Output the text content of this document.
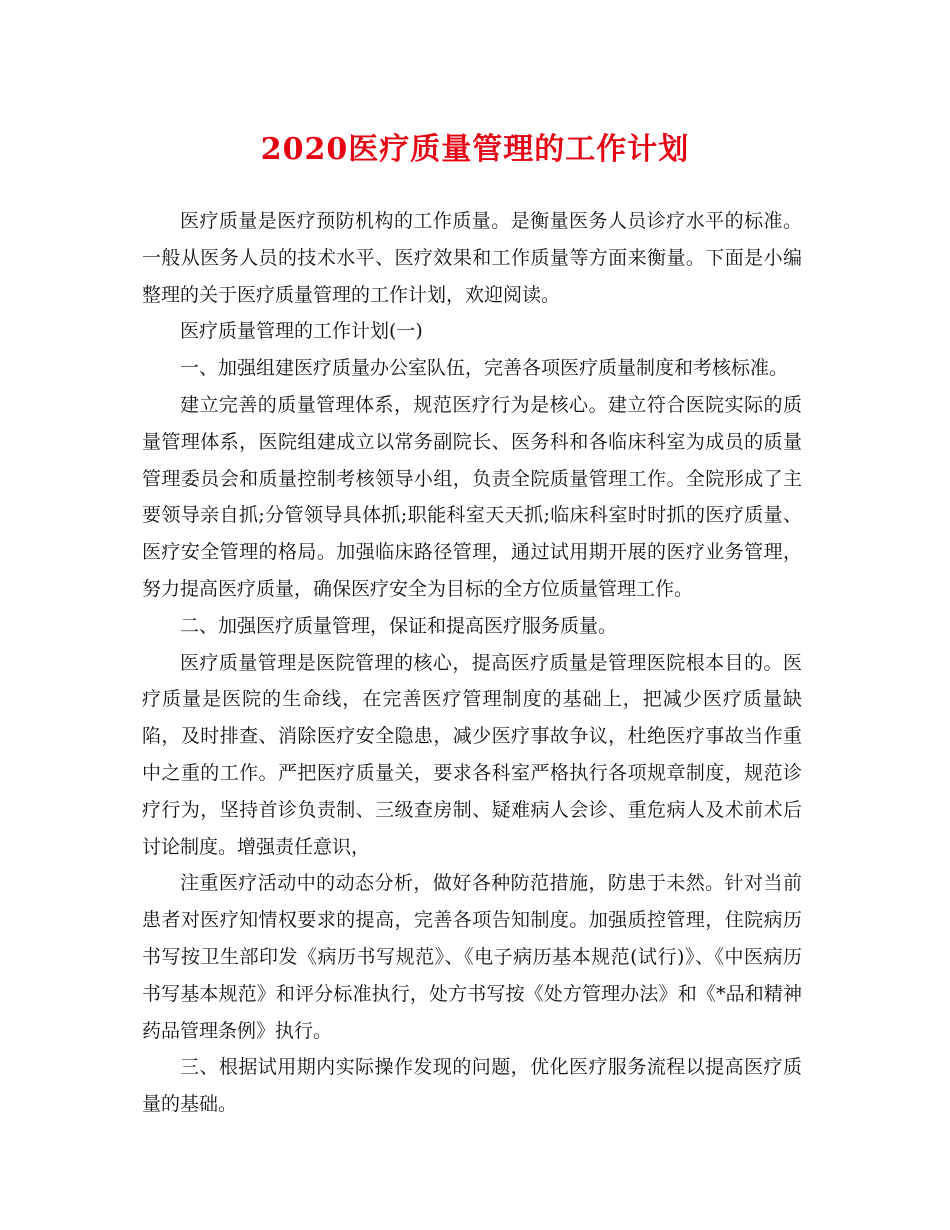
2020医疗质量管理的工作计划

医疗质量是医疗预防机构的工作质量。是衡量医务人员诊疗水平的标准。一般从医务人员的技术水平、医疗效果和工作质量等方面来衡量。下面是小编整理的关于医疗质量管理的工作计划，欢迎阅读。

医疗质量管理的工作计划(一)

一、加强组建医疗质量办公室队伍，完善各项医疗质量制度和考核标准。

建立完善的质量管理体系，规范医疗行为是核心。建立符合医院实际的质量管理体系，医院组建成立以常务副院长、医务科和各临床科室为成员的质量管理委员会和质量控制考核领导小组，负责全院质量管理工作。全院形成了主要领导亲自抓;分管领导具体抓;职能科室天天抓;临床科室时时抓的医疗质量、医疗安全管理的格局。加强临床路径管理，通过试用期开展的医疗业务管理，努力提高医疗质量，确保医疗安全为目标的全方位质量管理工作。

二、加强医疗质量管理，保证和提高医疗服务质量。

医疗质量管理是医院管理的核心，提高医疗质量是管理医院根本目的。医疗质量是医院的生命线，在完善医疗管理制度的基础上，把减少医疗质量缺陷，及时排查、消除医疗安全隐患，减少医疗事故争议，杜绝医疗事故当作重中之重的工作。严把医疗质量关，要求各科室严格执行各项规章制度，规范诊疗行为，坚持首诊负责制、三级查房制、疑难病人会诊、重危病人及术前术后讨论制度。增强责任意识，

注重医疗活动中的动态分析，做好各种防范措施，防患于未然。针对当前患者对医疗知情权要求的提高，完善各项告知制度。加强质控管理，住院病历书写按卫生部印发《病历书写规范》、《电子病历基本规范(试行)》、《中医病历书写基本规范》和评分标准执行，处方书写按《处方管理办法》和《*品和精神药品管理条例》执行。

三、根据试用期内实际操作发现的问题，优化医疗服务流程以提高医疗质量的基础。
